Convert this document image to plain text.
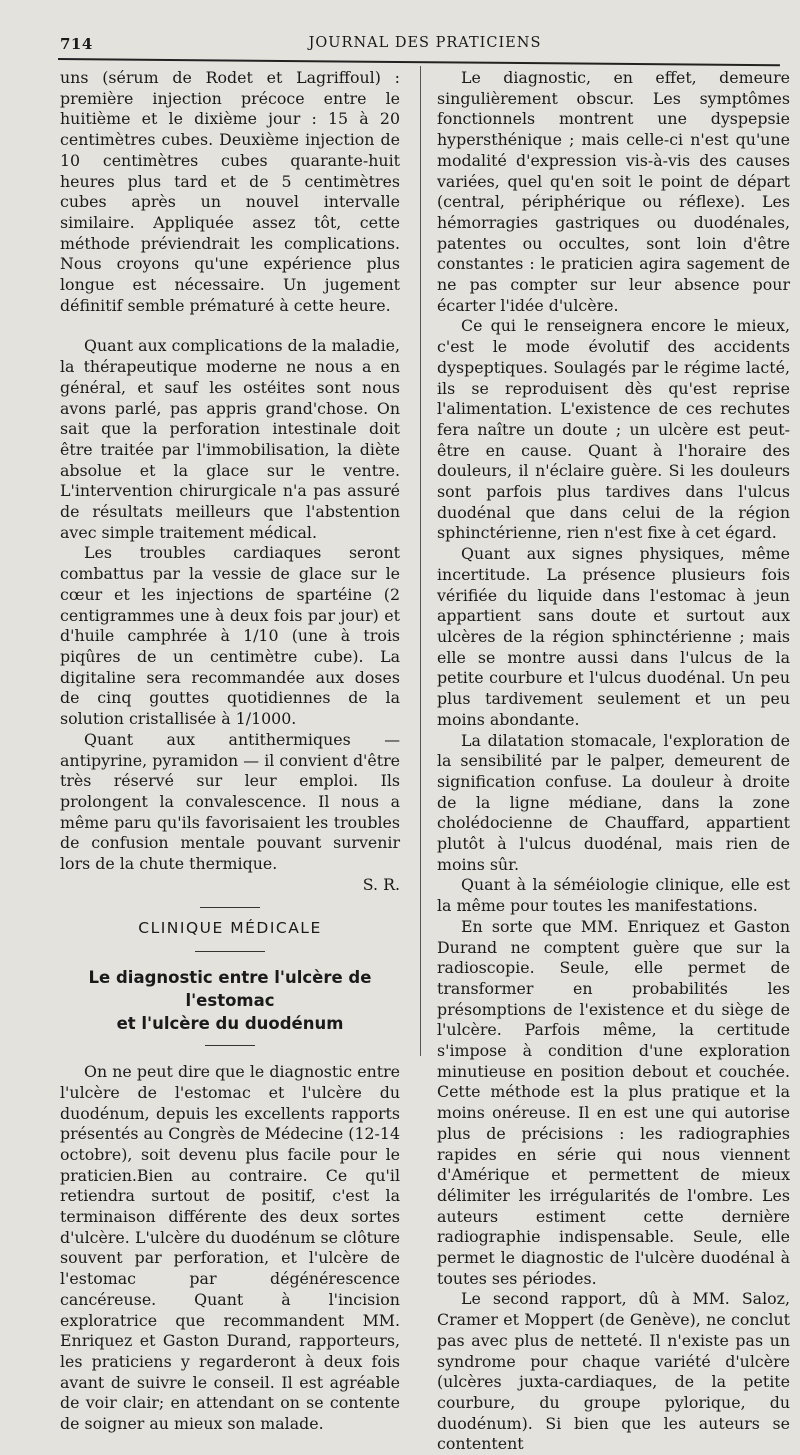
714	JOURNAL DES PRATICIENS

uns (sérum de Rodet et Lagriffoul) : première injection précoce entre le huitième et le dixième jour : 15 à 20 centimètres cubes. Deuxième injection de 10 centimètres cubes quarante-huit heures plus tard et de 5 centimètres cubes après un nouvel intervalle similaire. Appliquée assez tôt, cette méthode préviendrait les complications. Nous croyons qu'une expérience plus longue est nécessaire. Un jugement définitif semble prématuré à cette heure.

Quant aux complications de la maladie, la thérapeutique moderne ne nous a en général, et sauf les ostéites sont nous avons parlé, pas appris grand'chose. On sait que la perforation intestinale doit être traitée par l'immobilisation, la diète absolue et la glace sur le ventre. L'intervention chirurgicale n'a pas assuré de résultats meilleurs que l'abstention avec simple traitement médical.

Les troubles cardiaques seront combattus par la vessie de glace sur le cœur et les injections de spartéine (2 centigrammes une à deux fois par jour) et d'huile camphrée à 1/10 (une à trois piqûres de un centimètre cube). La digitaline sera recommandée aux doses de cinq gouttes quotidiennes de la solution cristallisée à 1/1000.

Quant aux antithermiques — antipyrine, pyramidon — il convient d'être très réservé sur leur emploi. Ils prolongent la convalescence. Il nous a même paru qu'ils favorisaient les troubles de confusion mentale pouvant survenir lors de la chute thermique.

S. R.
CLINIQUE MÉDICALE
Le diagnostic entre l'ulcère de l'estomac
et l'ulcère du duodénum

On ne peut dire que le diagnostic entre l'ulcère de l'estomac et l'ulcère du duodénum, depuis les excellents rapports présentés au Congrès de Médecine (12-14 octobre), soit devenu plus facile pour le praticien.Bien au contraire. Ce qu'il retiendra surtout de positif, c'est la terminaison différente des deux sortes d'ulcère. L'ulcère du duodénum se clôture souvent par perforation, et l'ulcère de l'estomac par dégénérescence cancéreuse. Quant à l'incision exploratrice que recommandent MM. Enriquez et Gaston Durand, rapporteurs, les praticiens y regarderont à deux fois avant de suivre le conseil. Il est agréable de voir clair; en attendant on se contente de soigner au mieux son malade.

Le diagnostic, en effet, demeure singulièrement obscur. Les symptômes fonctionnels montrent une dyspepsie hypersthénique ; mais celle-ci n'est qu'une modalité d'expression vis-à-vis des causes variées, quel qu'en soit le point de départ (central, périphérique ou réflexe). Les hémorragies gastriques ou duodénales, patentes ou occultes, sont loin d'être constantes : le praticien agira sagement de ne pas compter sur leur absence pour écarter l'idée d'ulcère.

Ce qui le renseignera encore le mieux, c'est le mode évolutif des accidents dyspeptiques. Soulagés par le régime lacté, ils se reproduisent dès qu'est reprise l'alimentation. L'existence de ces rechutes fera naître un doute ; un ulcère est peut-être en cause. Quant à l'horaire des douleurs, il n'éclaire guère. Si les douleurs sont parfois plus tardives dans l'ulcus duodénal que dans celui de la région sphinctérienne, rien n'est fixe à cet égard.

Quant aux signes physiques, même incertitude. La présence plusieurs fois vérifiée du liquide dans l'estomac à jeun appartient sans doute et surtout aux ulcères de la région sphinctérienne ; mais elle se montre aussi dans l'ulcus de la petite courbure et l'ulcus duodénal. Un peu plus tardivement seulement et un peu moins abondante.

La dilatation stomacale, l'exploration de la sensibilité par le palper, demeurent de signification confuse. La douleur à droite de la ligne médiane, dans la zone cholédocienne de Chauffard, appartient plutôt à l'ulcus duodénal, mais rien de moins sûr.

Quant à la séméiologie clinique, elle est la même pour toutes les manifestations.

En sorte que MM. Enriquez et Gaston Durand ne comptent guère que sur la radioscopie. Seule, elle permet de transformer en probabilités les présomptions de l'existence et du siège de l'ulcère. Parfois même, la certitude s'impose à condition d'une exploration minutieuse en position debout et couchée. Cette méthode est la plus pratique et la moins onéreuse. Il en est une qui autorise plus de précisions : les radiographies rapides en série qui nous viennent d'Amérique et permettent de mieux délimiter les irrégularités de l'ombre. Les auteurs estiment cette dernière radiographie indispensable. Seule, elle permet le diagnostic de l'ulcère duodénal à toutes ses périodes.

Le second rapport, dû à MM. Saloz, Cramer et Moppert (de Genève), ne conclut pas avec plus de netteté. Il n'existe pas un syndrome pour chaque variété d'ulcère (ulcères juxta-cardiaques, de la petite courbure, du groupe pylorique, du duodénum). Si bien que les auteurs se contentent
